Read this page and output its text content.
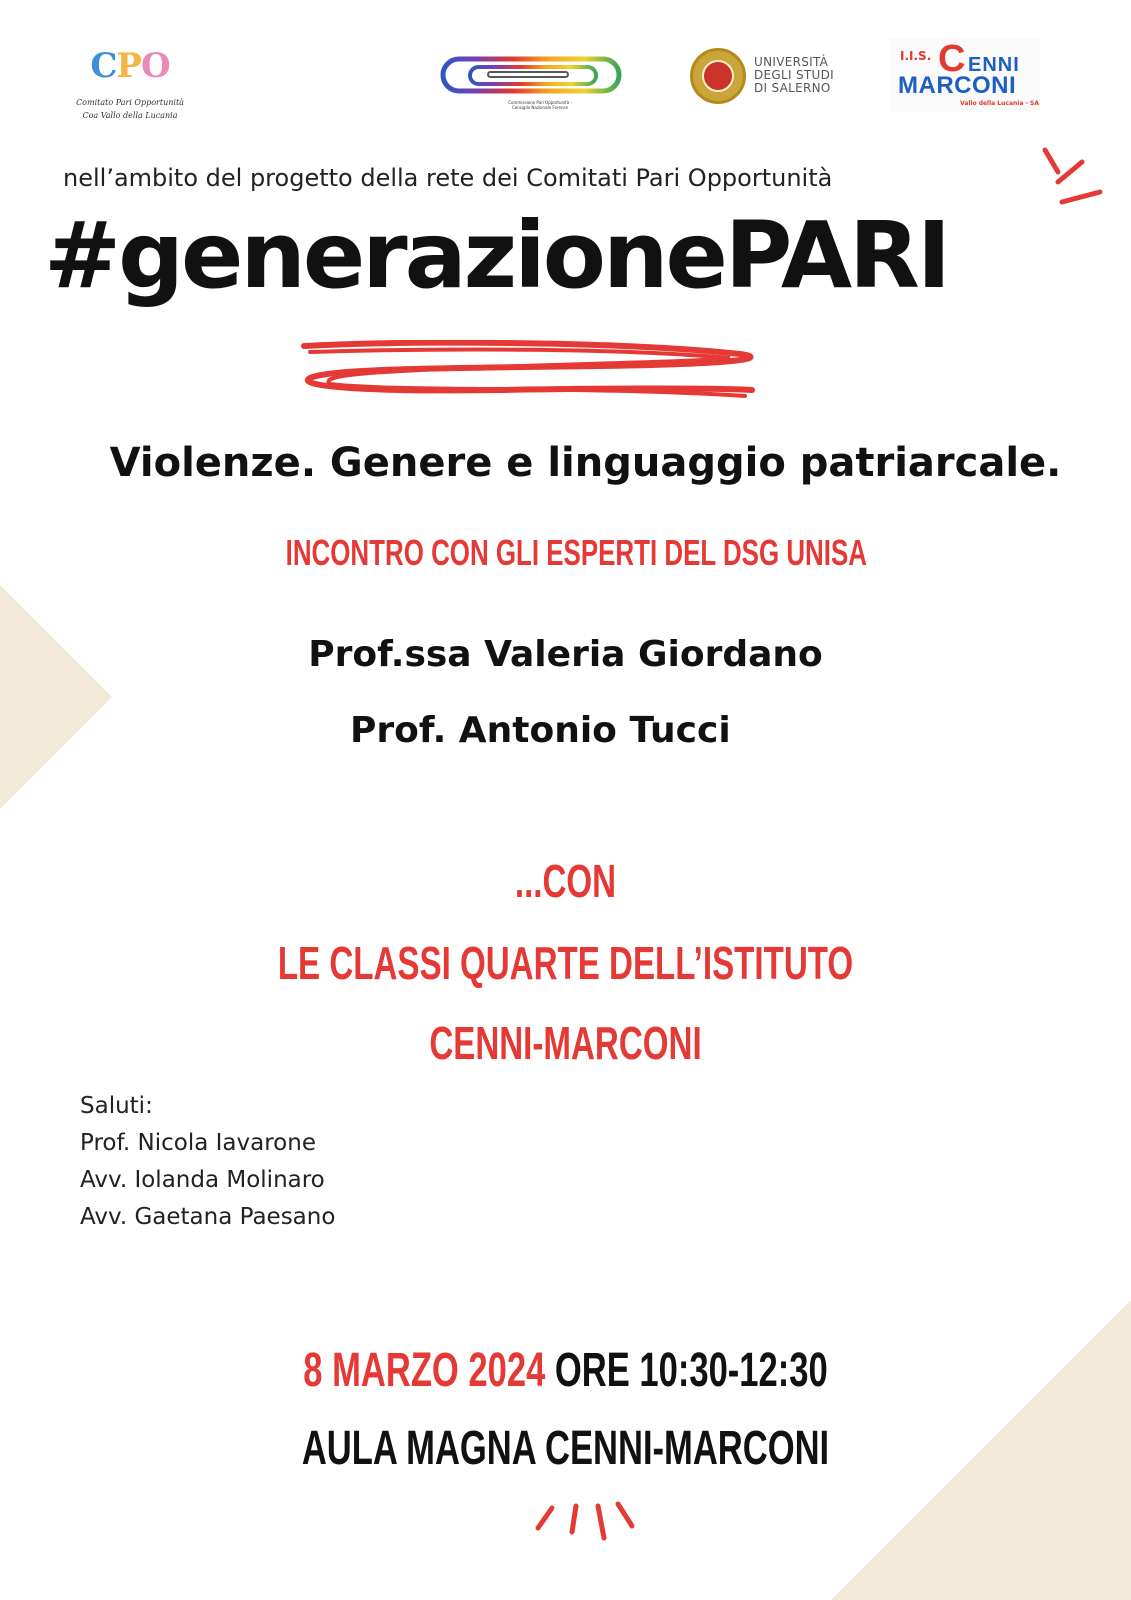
CPO
Comitato Pari Opportunità
Coa Vallo della Lucania
Commissione Pari Opportunità · Consiglio Nazionale Forense
UNIVERSITÀ
DEGLI STUDI
DI SALERNO
I.I.S. C ENNI
MARCONI
Vallo della Lucania - SA
nell’ambito del progetto della rete dei Comitati Pari Opportunità
#generazionePARI
Violenze. Genere e linguaggio patriarcale.
INCONTRO CON GLI ESPERTI DEL DSG UNISA
Prof.ssa Valeria Giordano
Prof. Antonio Tucci
...CON
LE CLASSI QUARTE DELL’ISTITUTO
CENNI-MARCONI
Saluti:
Prof. Nicola Iavarone
Avv. Iolanda Molinaro
Avv. Gaetana Paesano
8 MARZO 2024 ORE 10:30-12:30
AULA MAGNA CENNI-MARCONI
